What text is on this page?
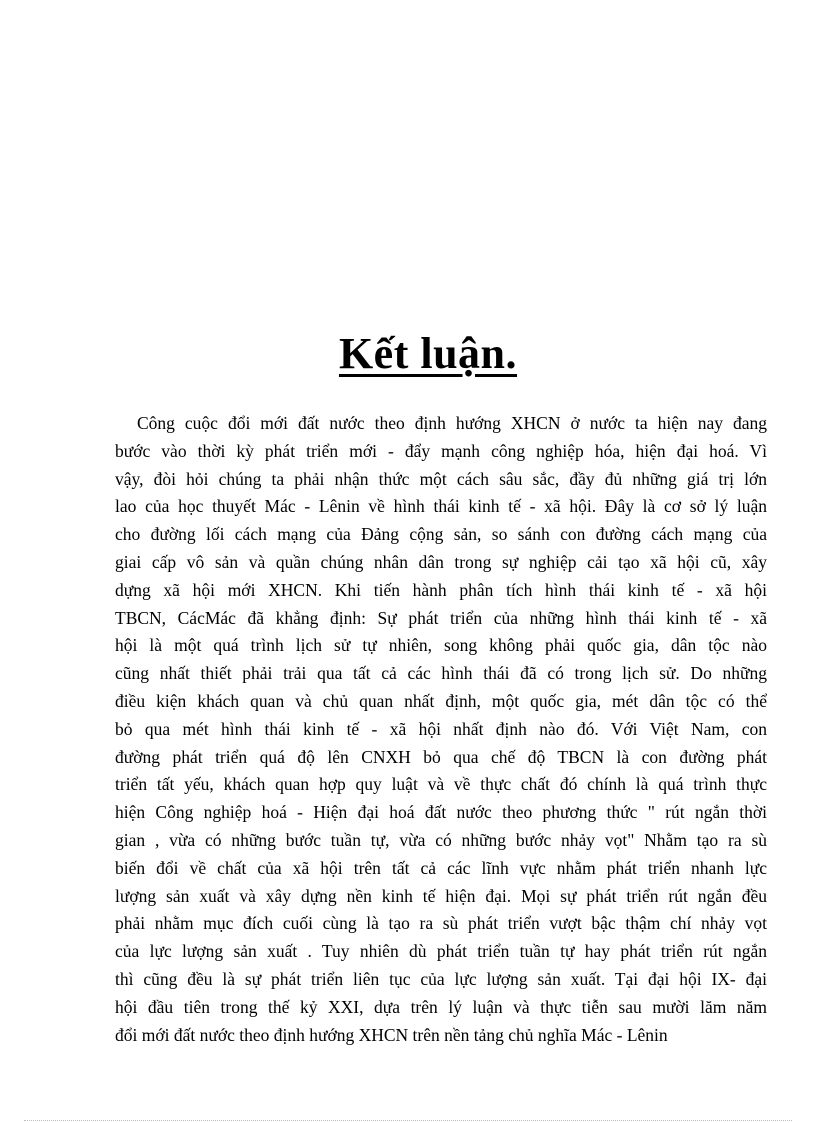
Kết luận.
Công cuộc đổi mới đất nước theo định hướng XHCN ở nước ta hiện nay đang
bước vào thời kỳ phát triển mới - đẩy mạnh công nghiệp hóa, hiện đại hoá. Vì
vậy, đòi hỏi chúng ta phải nhận thức một cách sâu sắc, đầy đủ những giá trị lớn
lao của học thuyết Mác - Lênin về hình thái kinh tế - xã hội. Đây là cơ sở lý luận
cho đường lối cách mạng của Đảng cộng sản, so sánh con đường cách mạng của
giai cấp vô sản và quần chúng nhân dân trong sự nghiệp cải tạo xã hội cũ, xây
dựng xã hội mới XHCN. Khi tiến hành phân tích hình thái kinh tế - xã hội
TBCN, CácMác đã khẳng định: Sự phát triển của những hình thái kinh tế - xã
hội là một quá trình lịch sử tự nhiên, song không phải quốc gia, dân tộc nào
cũng nhất thiết phải trải qua tất cả các hình thái đã có trong lịch sử. Do những
điều kiện khách quan và chủ quan nhất định, một quốc gia, mét dân tộc có thể
bỏ qua mét hình thái kinh tế - xã hội nhất định nào đó. Với Việt Nam, con
đường phát triển quá độ lên CNXH bỏ qua chế độ TBCN là con đường phát
triển tất yếu, khách quan hợp quy luật và về thực chất đó chính là quá trình thực
hiện Công nghiệp hoá - Hiện đại hoá đất nước theo phương thức " rút ngắn thời
gian , vừa có những bước tuần tự, vừa có những bước nhảy vọt" Nhằm tạo ra sù
biến đổi về chất của xã hội trên tất cả các lĩnh vực nhằm phát triển nhanh lực
lượng sản xuất và xây dựng nền kinh tế hiện đại. Mọi sự phát triển rút ngắn đều
phải nhằm mục đích cuối cùng là tạo ra sù phát triển vượt bậc thậm chí nhảy vọt
của lực lượng sản xuất . Tuy nhiên dù phát triển tuần tự hay phát triển rút ngắn
thì cũng đều là sự phát triển liên tục của lực lượng sản xuất. Tại đại hội IX- đại
hội đầu tiên trong thế kỷ XXI, dựa trên lý luận và thực tiễn sau mười lăm năm
đổi mới đất nước theo định hướng XHCN trên nền tảng chủ nghĩa Mác - Lênin
